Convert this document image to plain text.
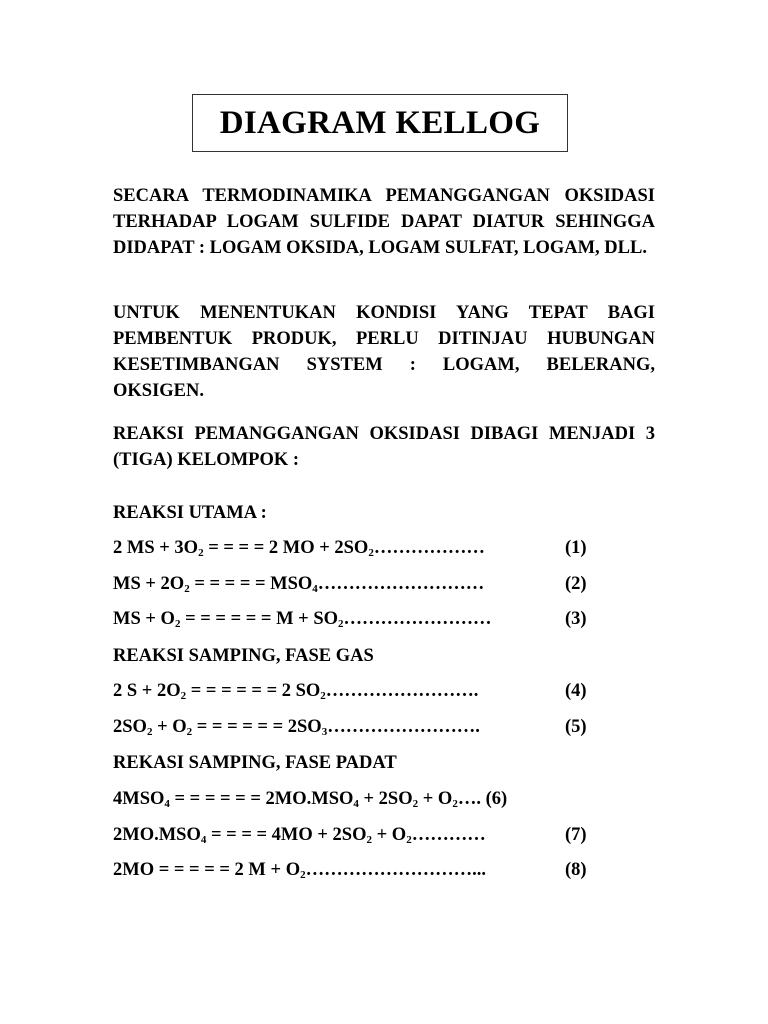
DIAGRAM KELLOG

SECARA TERMODINAMIKA PEMANGGANGAN OKSIDASI TERHADAP LOGAM SULFIDE DAPAT DIATUR SEHINGGA DIDAPAT : LOGAM OKSIDA, LOGAM SULFAT, LOGAM, DLL.

UNTUK MENENTUKAN KONDISI YANG TEPAT BAGI PEMBENTUK PRODUK, PERLU DITINJAU HUBUNGAN KESETIMBANGAN SYSTEM : LOGAM, BELERANG, OKSIGEN.

REAKSI PEMANGGANGAN OKSIDASI DIBAGI MENJADI 3 (TIGA) KELOMPOK :

REAKSI UTAMA :
2 MS + $3O_2$ = = = = 2 MO + $2SO_2\dots\dots\dots\dots\dots\dots$	(1)
MS + $2O_2$ = = = = = $MSO_4\dots\dots\dots\dots\dots\dots\dots\dots\dots$	(2)
MS + $O_2$ = = = = = = $M + SO_2\dots\dots\dots\dots\dots\dots\dots\dots$	(3)
REAKSI SAMPING, FASE GAS
2 $S + 2O_2$ = = = = = = 2 $SO_2\dots\dots\dots\dots\dots\dots\dots\dots$.	(4)
$2SO_2 + O_2$ = = = = = = $2SO_3\dots\dots\dots\dots\dots\dots\dots\dots$.	(5)
REKASI SAMPING, FASE PADAT
$4MSO_4$ = = = = = = $2MO.MSO_4 + 2SO_2$ + $O_2\dots$. (6)
$2MO.MSO_4$ = = = = $4MO + 2SO_2$ + $O_2\dots\dots\dots\dots$	(7)
2MO = = = = = 2 $M + O_2\dots\dots\dots\dots\dots\dots\dots\dots\dots$...	(8)
